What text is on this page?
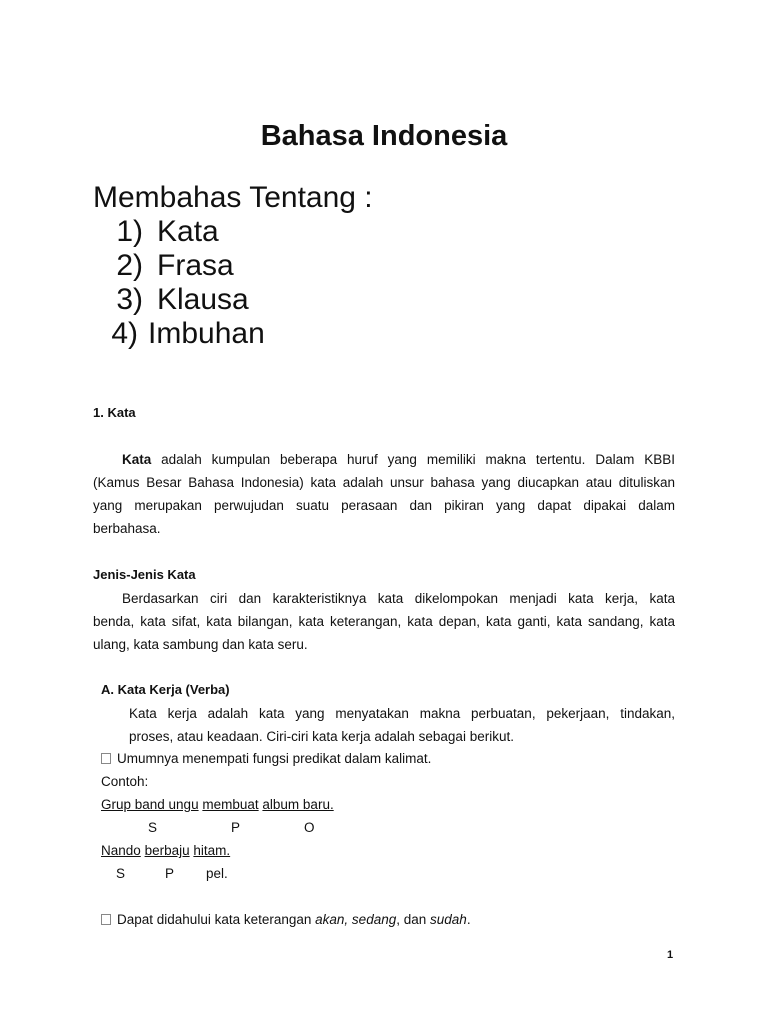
Bahasa Indonesia
Membahas Tentang :
1) Kata
2) Frasa
3) Klausa
4) Imbuhan
1. Kata
Kata adalah kumpulan beberapa huruf yang memiliki makna tertentu. Dalam KBBI
(Kamus Besar Bahasa Indonesia) kata adalah unsur bahasa yang diucapkan atau dituliskan
yang merupakan perwujudan suatu perasaan dan pikiran yang dapat dipakai dalam
berbahasa.
Jenis-Jenis Kata
Berdasarkan ciri dan karakteristiknya kata dikelompokan menjadi kata kerja, kata
benda, kata sifat, kata bilangan, kata keterangan, kata depan, kata ganti, kata sandang, kata
ulang, kata sambung dan kata seru.
A. Kata Kerja (Verba)
Kata kerja adalah kata yang menyatakan makna perbuatan, pekerjaan, tindakan,
proses, atau keadaan. Ciri-ciri kata kerja adalah sebagai berikut.
Umumnya menempati fungsi predikat dalam kalimat.
Contoh:
Grup band ungu membuat album baru.
S	P	O
Nando berbaju hitam.
S	P pel.
Dapat didahului kata keterangan akan, sedang, dan sudah.
1
